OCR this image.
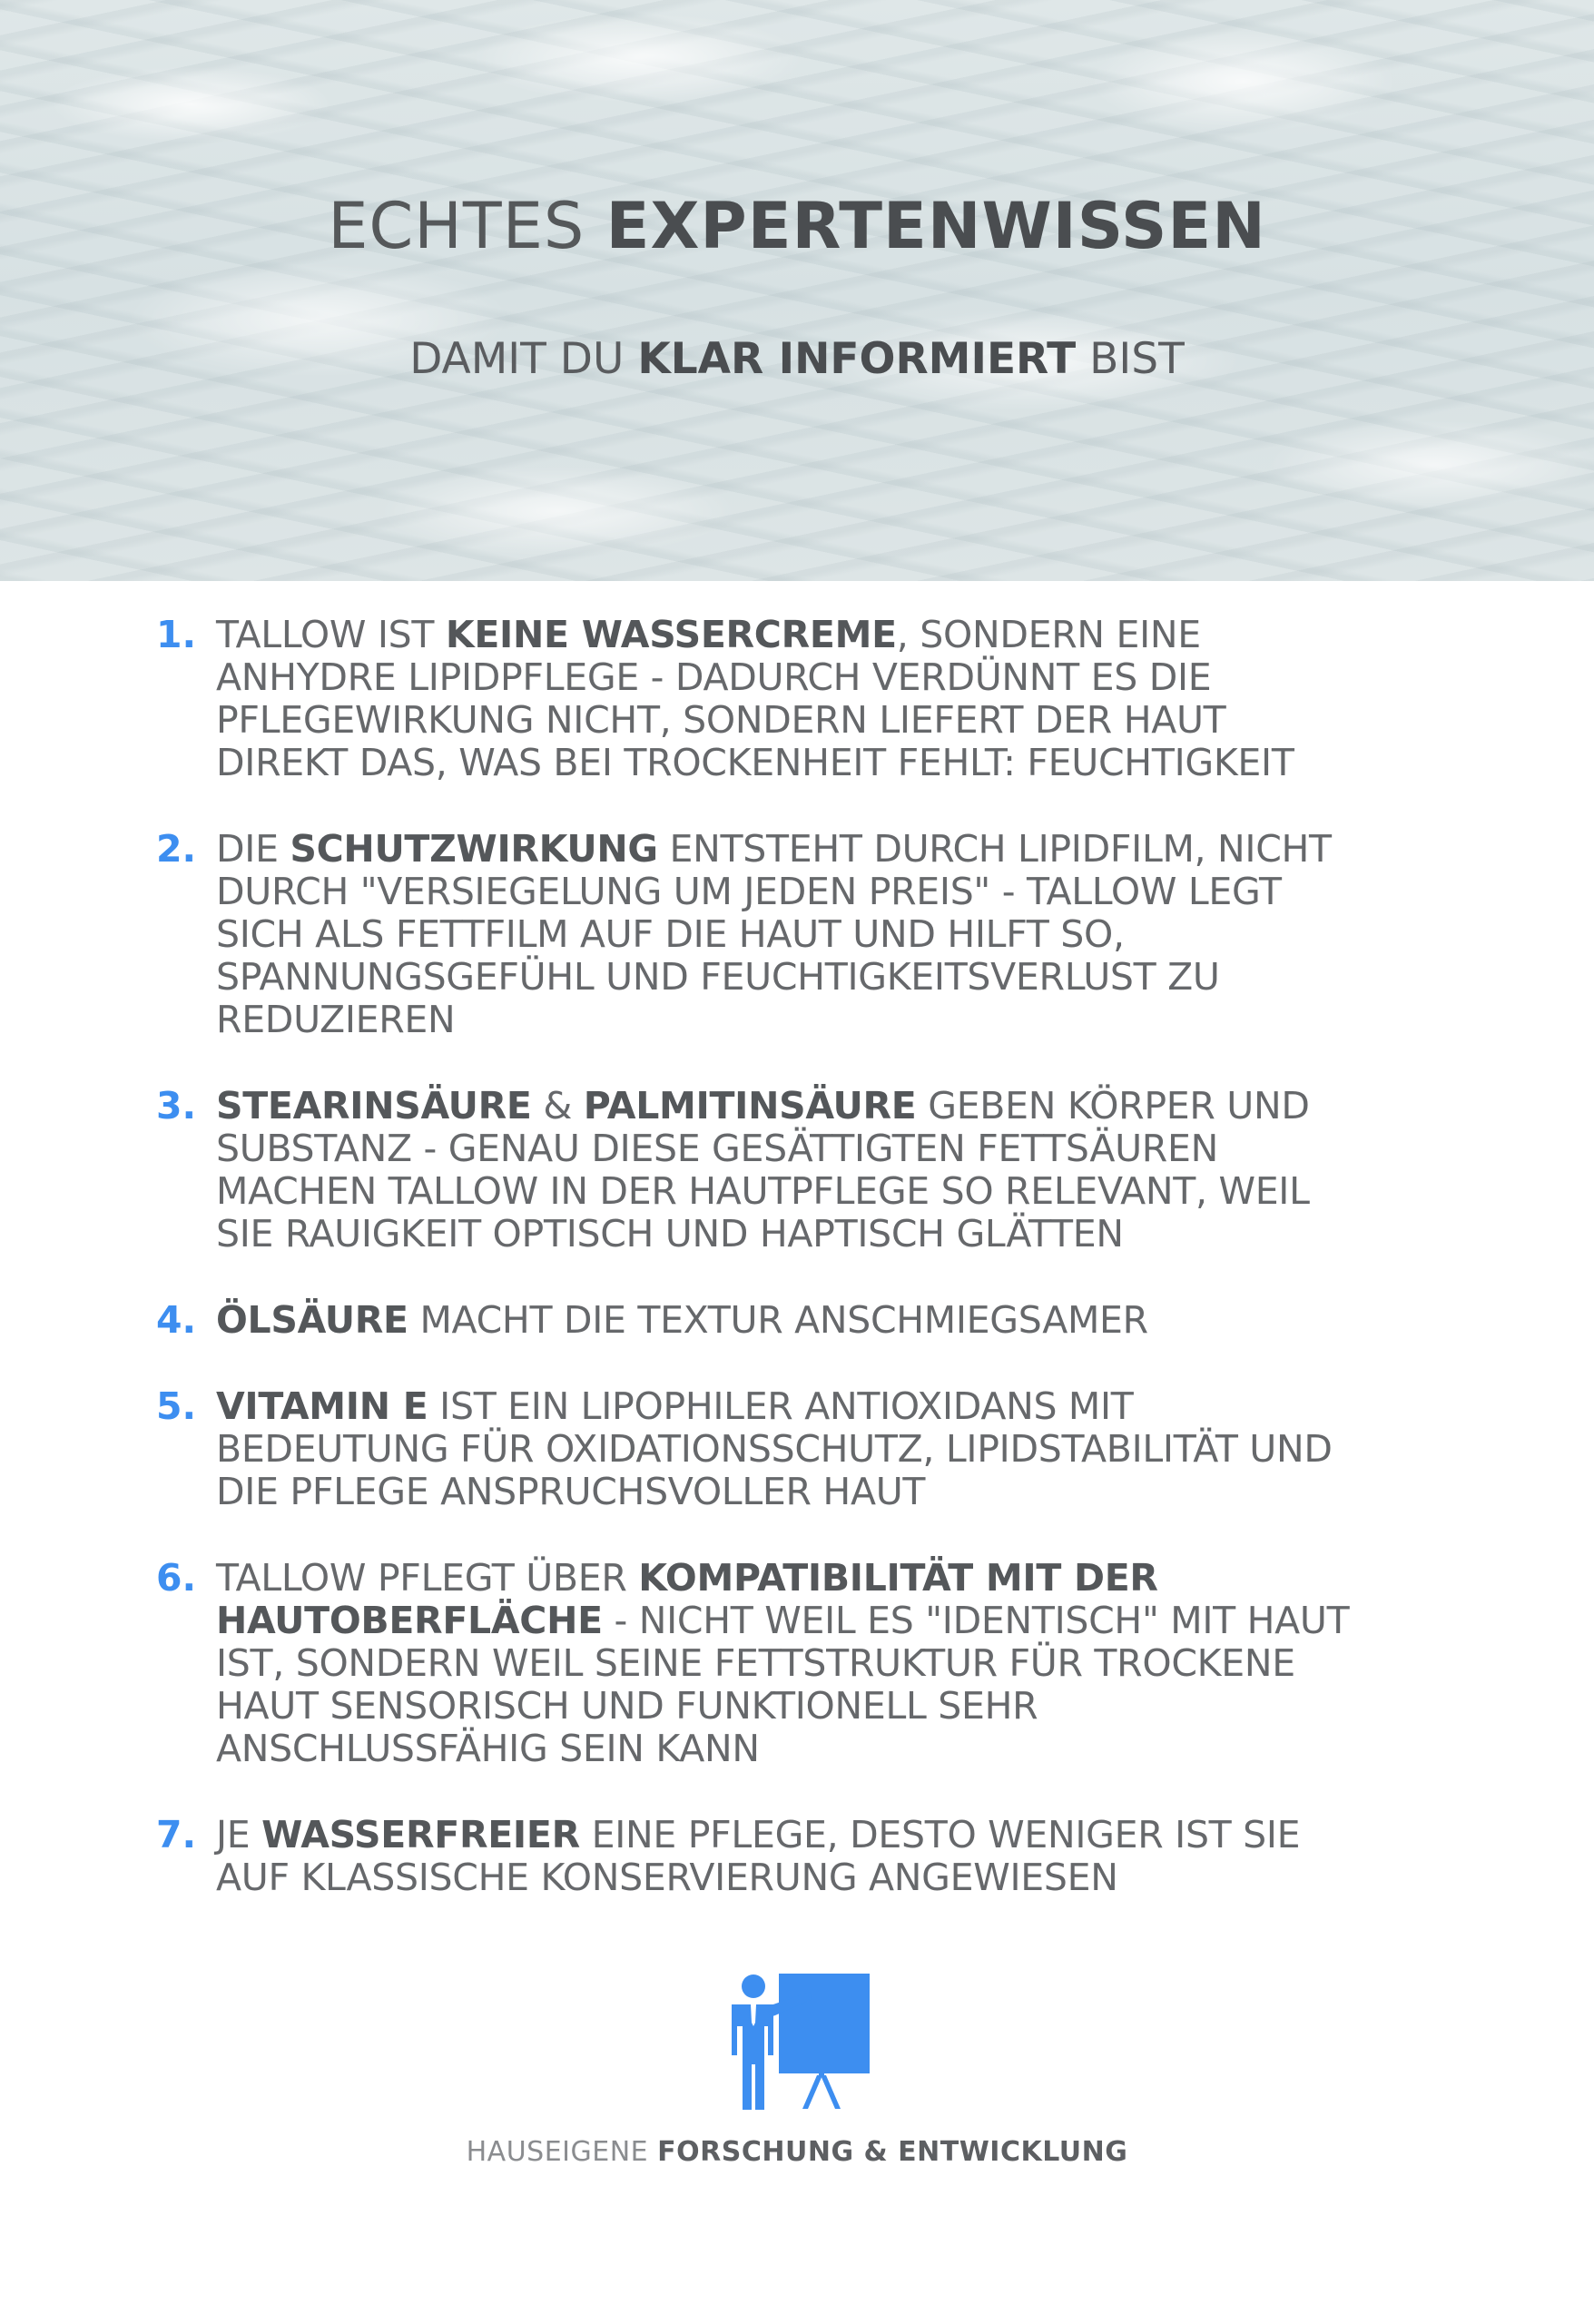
ECHTES EXPERTENWISSEN
DAMIT DU KLAR INFORMIERT BIST
1. TALLOW IST KEINE WASSERCREME, SONDERN EINE
ANHYDRE LIPIDPFLEGE - DADURCH VERDÜNNT ES DIE
PFLEGEWIRKUNG NICHT, SONDERN LIEFERT DER HAUT
DIREKT DAS, WAS BEI TROCKENHEIT FEHLT: FEUCHTIGKEIT
2. DIE SCHUTZWIRKUNG ENTSTEHT DURCH LIPIDFILM, NICHT
DURCH "VERSIEGELUNG UM JEDEN PREIS" - TALLOW LEGT
SICH ALS FETTFILM AUF DIE HAUT UND HILFT SO,
SPANNUNGSGEFÜHL UND FEUCHTIGKEITSVERLUST ZU
REDUZIEREN
3. STEARINSÄURE & PALMITINSÄURE GEBEN KÖRPER UND
SUBSTANZ - GENAU DIESE GESÄTTIGTEN FETTSÄUREN
MACHEN TALLOW IN DER HAUTPFLEGE SO RELEVANT, WEIL
SIE RAUIGKEIT OPTISCH UND HAPTISCH GLÄTTEN
4. ÖLSÄURE MACHT DIE TEXTUR ANSCHMIEGSAMER
5. VITAMIN E IST EIN LIPOPHILER ANTIOXIDANS MIT
BEDEUTUNG FÜR OXIDATIONSSCHUTZ, LIPIDSTABILITÄT UND
DIE PFLEGE ANSPRUCHSVOLLER HAUT
6. TALLOW PFLEGT ÜBER KOMPATIBILITÄT MIT DER
HAUTOBERFLÄCHE - NICHT WEIL ES "IDENTISCH" MIT HAUT
IST, SONDERN WEIL SEINE FETTSTRUKTUR FÜR TROCKENE
HAUT SENSORISCH UND FUNKTIONELL SEHR
ANSCHLUSSFÄHIG SEIN KANN
7. JE WASSERFREIER EINE PFLEGE, DESTO WENIGER IST SIE
AUF KLASSISCHE KONSERVIERUNG ANGEWIESEN
HAUSEIGENE FORSCHUNG & ENTWICKLUNG
